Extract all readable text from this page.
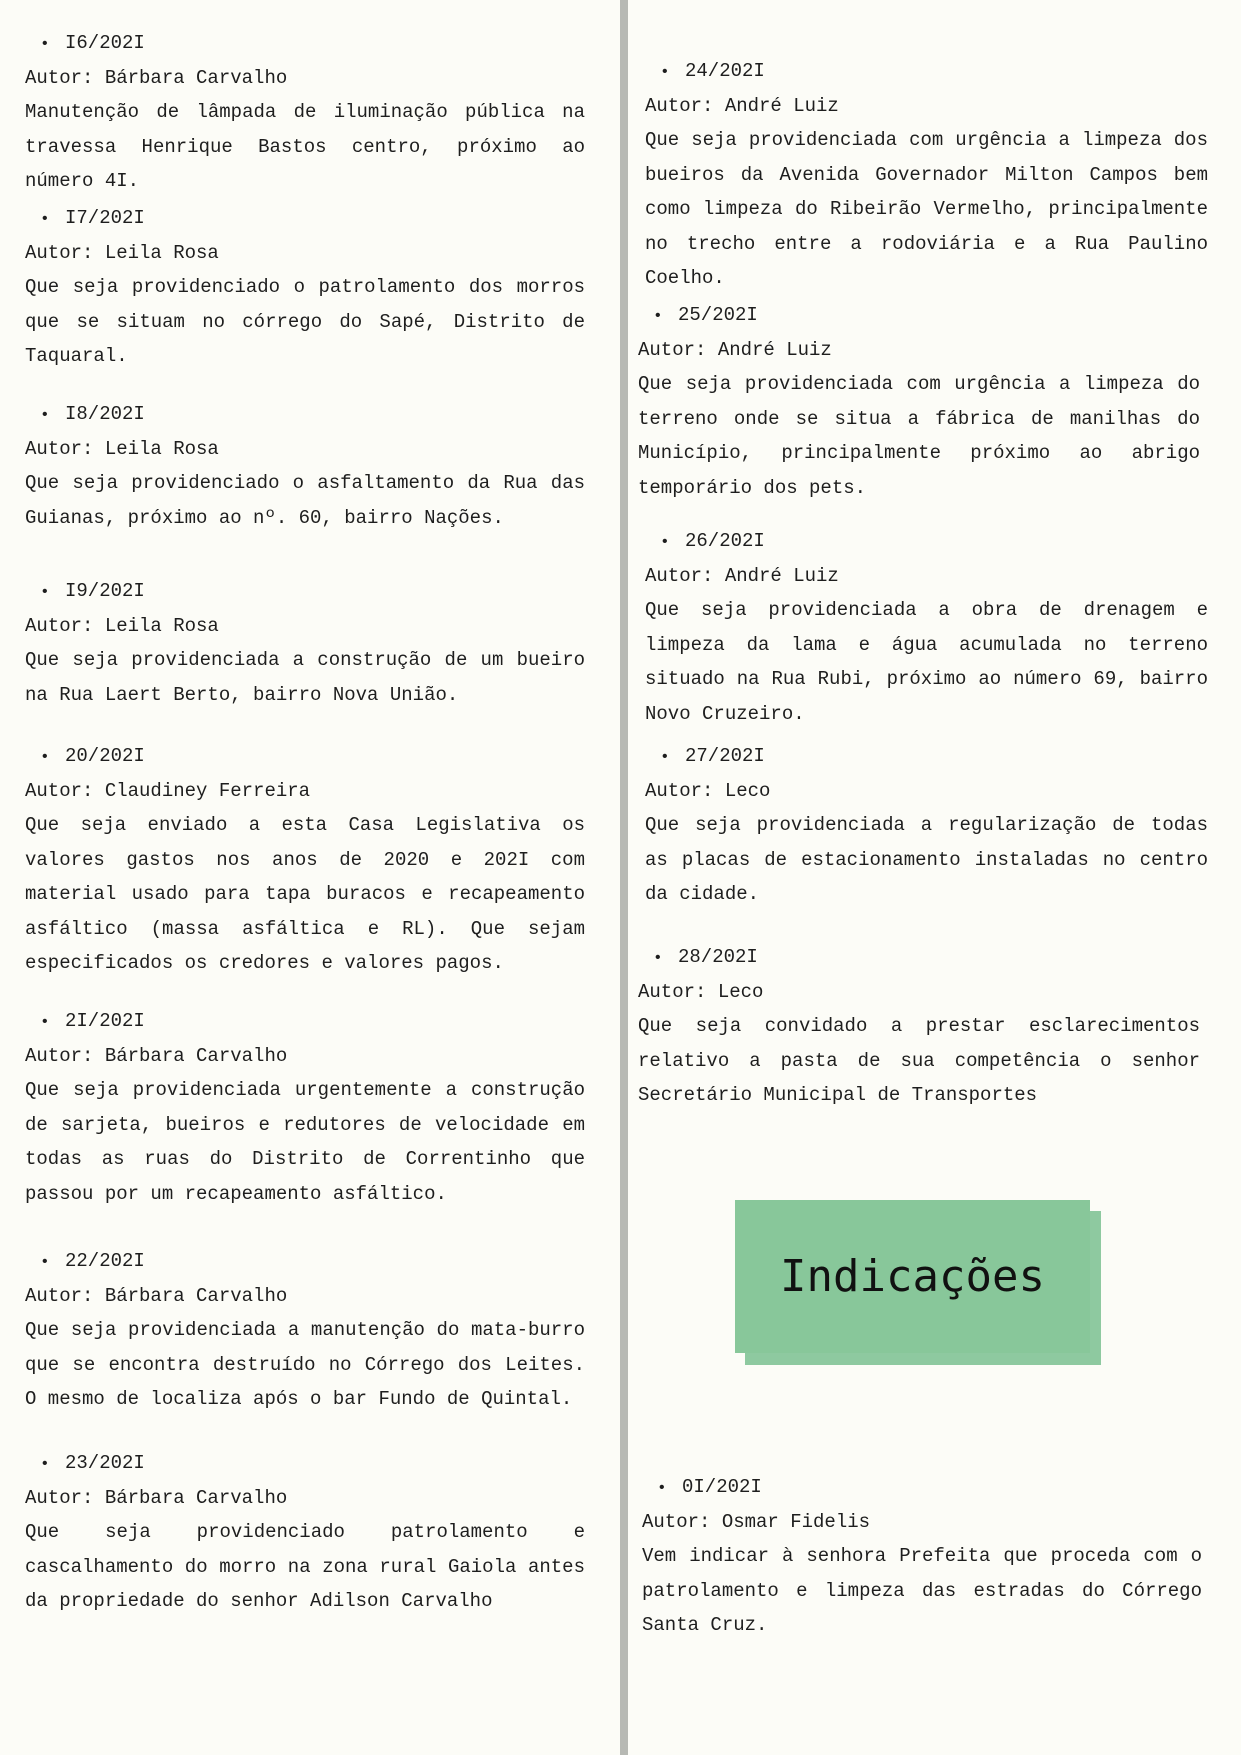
• I6/202I
Autor: Bárbara Carvalho

Manutenção de lâmpada de iluminação pública na travessa Henrique Bastos centro, próximo ao número 4I.

• I7/202I
Autor: Leila Rosa

Que seja providenciado o patrolamento dos morros que se situam no córrego do Sapé, Distrito de Taquaral.

• I8/202I
Autor: Leila Rosa

Que seja providenciado o asfaltamento da Rua das Guianas, próximo ao nº. 60, bairro Nações.

• I9/202I
Autor: Leila Rosa

Que seja providenciada a construção de um bueiro na Rua Laert Berto, bairro Nova União.

• 20/202I
Autor: Claudiney Ferreira

Que seja enviado a esta Casa Legislativa os valores gastos nos anos de 2020 e 202I com material usado para tapa buracos e recapeamento asfáltico (massa asfáltica e RL). Que sejam especificados os credores e valores pagos.

• 2I/202I
Autor: Bárbara Carvalho

Que seja providenciada urgentemente a construção de sarjeta, bueiros e redutores de velocidade em todas as ruas do Distrito de Correntinho que passou por um recapeamento asfáltico.

• 22/202I
Autor: Bárbara Carvalho

Que seja providenciada a manutenção do mata-burro que se encontra destruído no Córrego dos Leites. O mesmo de localiza após o bar Fundo de Quintal.

• 23/202I
Autor: Bárbara Carvalho

Que seja providenciado patrolamento e cascalhamento do morro na zona rural Gaiola antes da propriedade do senhor Adilson Carvalho

• 24/202I
Autor: André Luiz

Que seja providenciada com urgência a limpeza dos bueiros da Avenida Governador Milton Campos bem como limpeza do Ribeirão Vermelho, principalmente no trecho entre a rodoviária e a Rua Paulino Coelho.

• 25/202I
Autor: André Luiz

Que seja providenciada com urgência a limpeza do terreno onde se situa a fábrica de manilhas do Município, principalmente próximo ao abrigo temporário dos pets.

• 26/202I
Autor: André Luiz

Que seja providenciada a obra de drenagem e limpeza da lama e água acumulada no terreno situado na Rua Rubi, próximo ao número 69, bairro Novo Cruzeiro.

• 27/202I
Autor: Leco

Que seja providenciada a regularização de todas as placas de estacionamento instaladas no centro da cidade.

• 28/202I
Autor: Leco

Que seja convidado a prestar esclarecimentos relativo a pasta de sua competência o senhor Secretário Municipal de Transportes

• 0I/202I
Autor: Osmar Fidelis

Vem indicar à senhora Prefeita que proceda com o patrolamento e limpeza das estradas do Córrego Santa Cruz.

Indicações
